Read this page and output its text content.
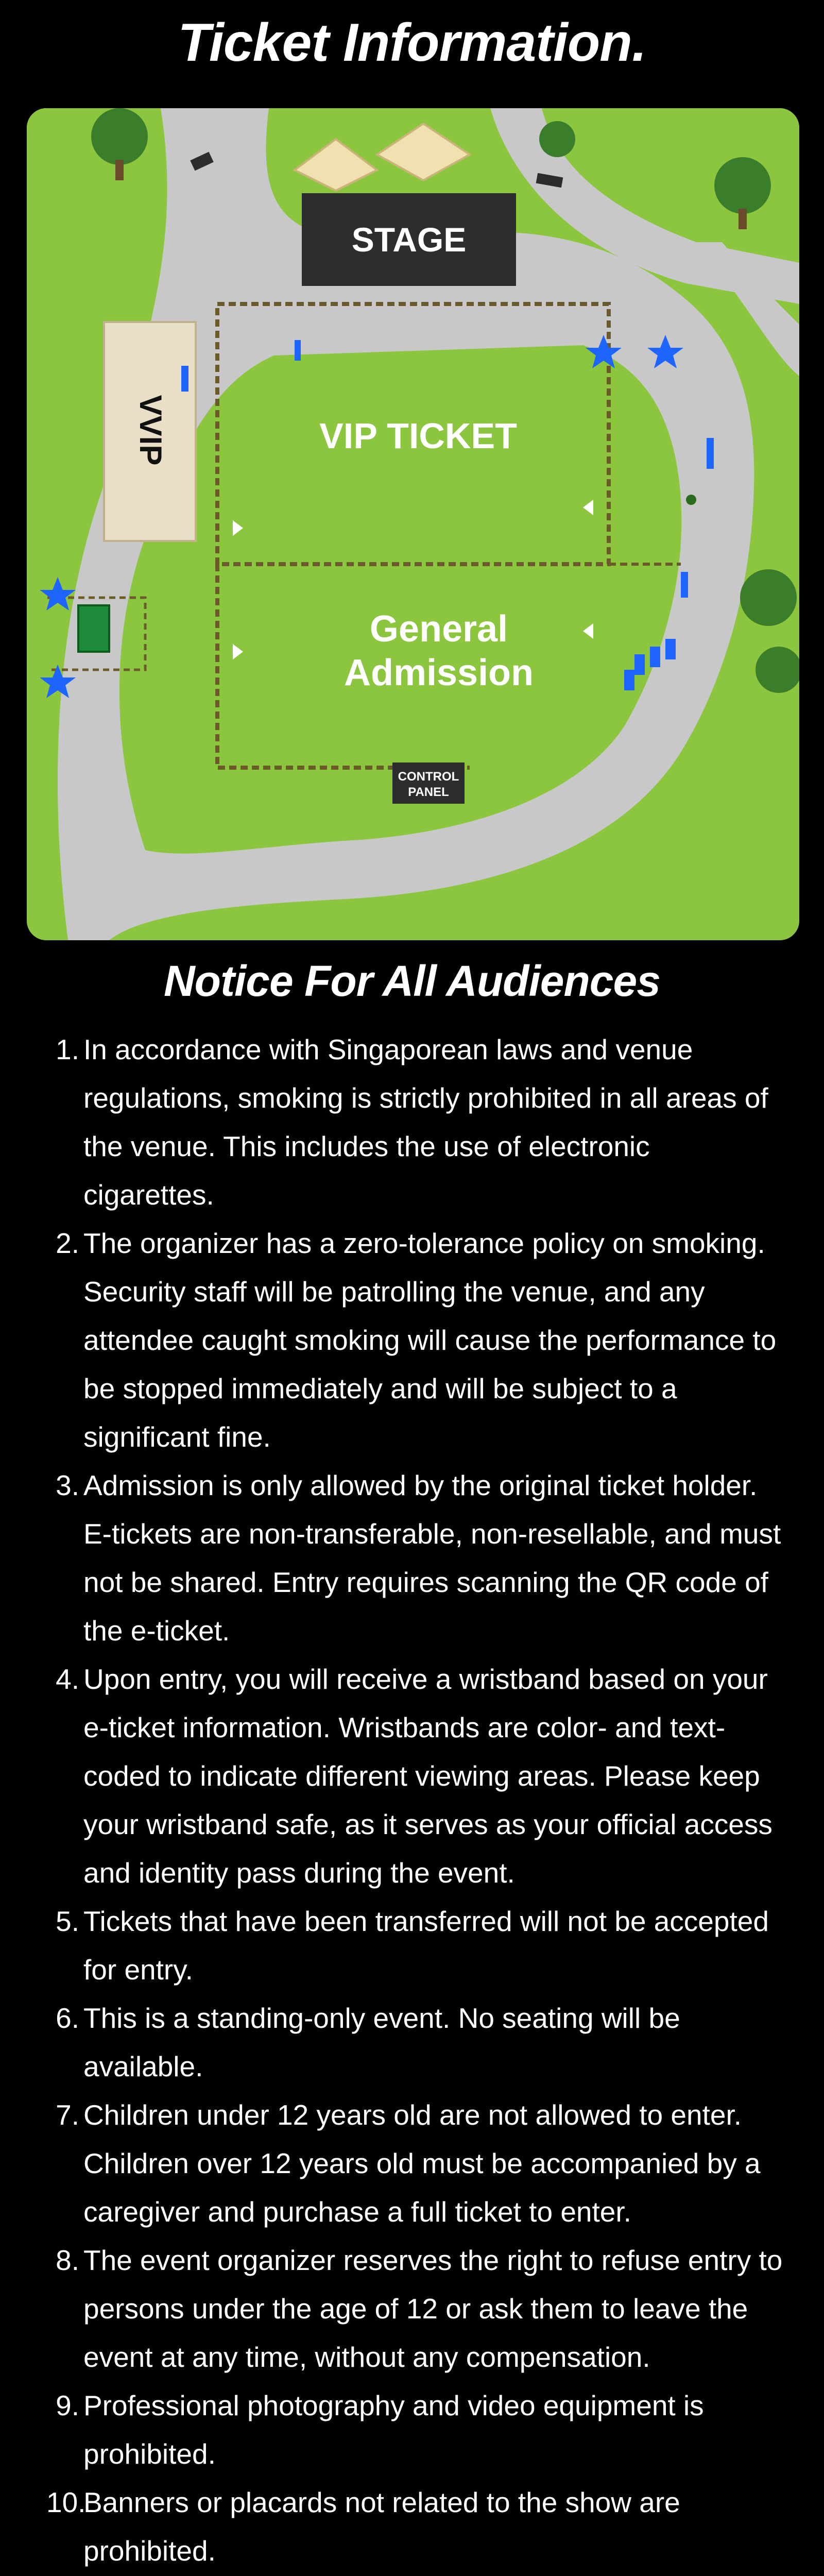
Ticket Information.
STAGE
VVIP	VIP TICKET
General
Admission
CONTROL
PANEL
Notice For All Audiences
1. In accordance with Singaporean laws and venue regulations, smoking is strictly prohibited in all areas of the venue. This includes the use of electronic cigarettes.
2. The organizer has a zero-tolerance policy on smoking. Security staff will be patrolling the venue, and any attendee caught smoking will cause the performance to be stopped immediately and will be subject to a significant fine.
3. Admission is only allowed by the original ticket holder. E-tickets are non-transferable, non-resellable, and must not be shared. Entry requires scanning the QR code of the e-ticket.
4. Upon entry, you will receive a wristband based on your e-ticket information. Wristbands are color- and text-coded to indicate different viewing areas. Please keep your wristband safe, as it serves as your official access and identity pass during the event.
5. Tickets that have been transferred will not be accepted for entry.
6. This is a standing-only event. No seating will be available.
7. Children under 12 years old are not allowed to enter. Children over 12 years old must be accompanied by a caregiver and purchase a full ticket to enter.
8. The event organizer reserves the right to refuse entry to persons under the age of 12 or ask them to leave the event at any time, without any compensation.
9. Professional photography and video equipment is prohibited.
10.
Banners or placards not related to the show are prohibited.
